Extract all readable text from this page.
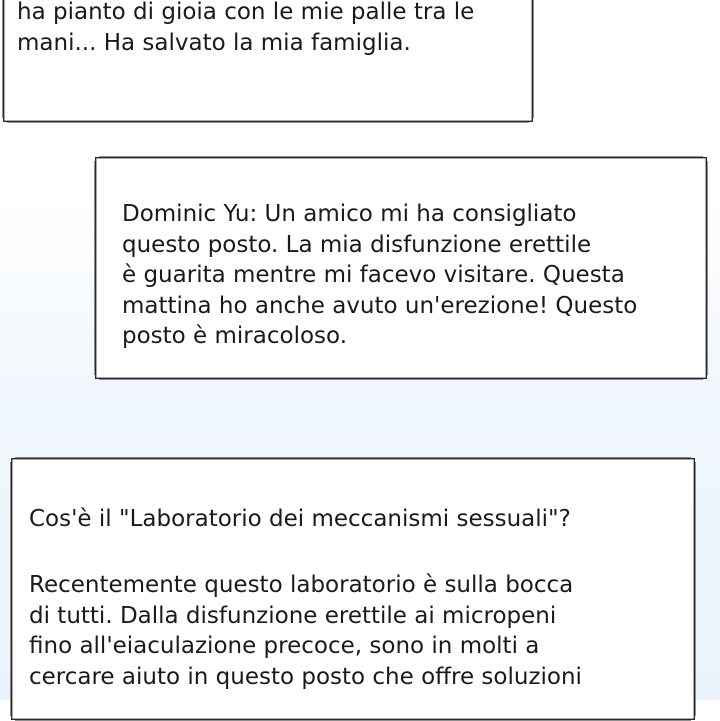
ha pianto di gioia con le mie palle tra le
mani... Ha salvato la mia famiglia.
Dominic Yu: Un amico mi ha consigliato
questo posto. La mia disfunzione erettile
è guarita mentre mi facevo visitare. Questa
mattina ho anche avuto un'erezione! Questo
posto è miracoloso.
Cos'è il "Laboratorio dei meccanismi sessuali"?
Recentemente questo laboratorio è sulla bocca
di tutti. Dalla disfunzione erettile ai micropeni
fino all'eiaculazione precoce, sono in molti a
cercare aiuto in questo posto che offre soluzioni
